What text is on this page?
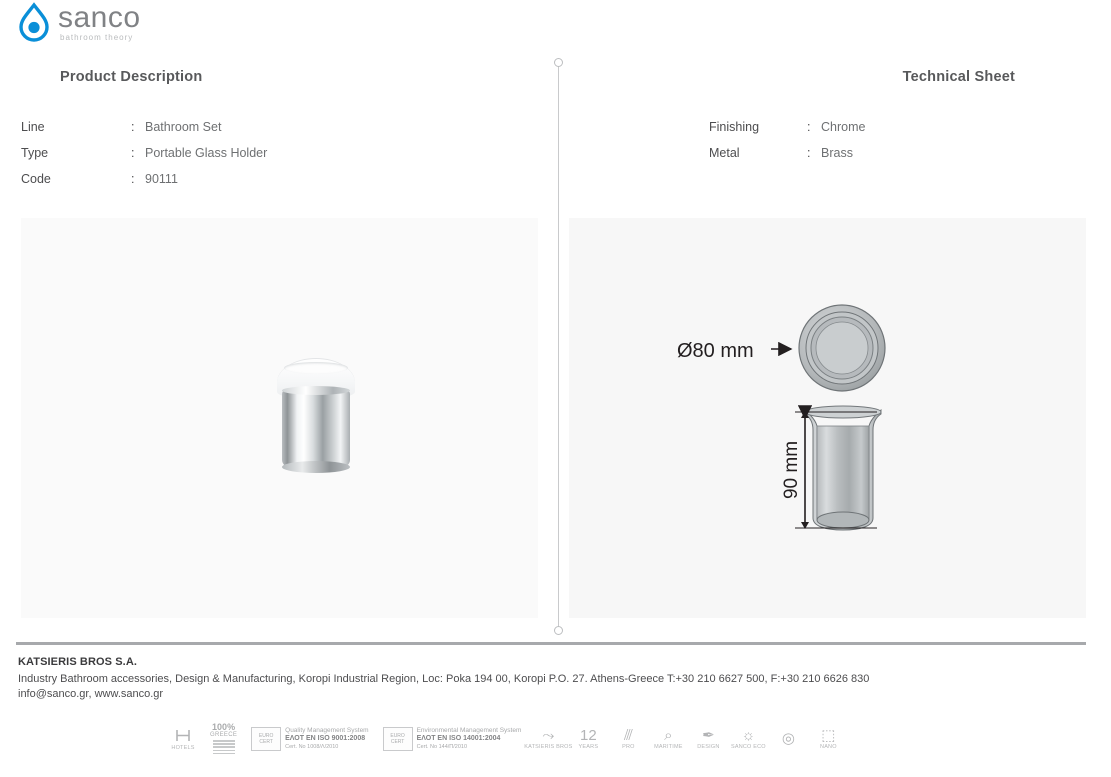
sanco
bathroom theory
Product Description	Technical Sheet
Line	: Bathroom Set
Type	: Portable Glass Holder
Code	: 90111
Finishing	: Chrome
Metal	: Brass
Ø80 mm
90 mm
KATSIERIS BROS S.A.
Industry Bathroom accessories, Design & Manufacturing, Koropi Industrial Region, Loc: Poka 194 00, Koropi P.O. 27. Athens-Greece T:+30 210 6627 500, F:+30 210 6626 830
info@sanco.gr, www.sanco.gr
HOTELS
100%
GREECE	EURO CERT
Quality Management System
EΛΟΤ EN ISO 9001:2008
Cert. No 1008/Λ/2010
EURO CERT
Environmental Management System
EΛΟΤ EN ISO 14001:2004
Cert. No 144/Π/2010
⤳
KATSIERIS BROS
12
YEARS
⫻
PRO
⌕
MARITIME
✒
DESIGN
☼
SANCO ECO ◎ ⬚
NANO
